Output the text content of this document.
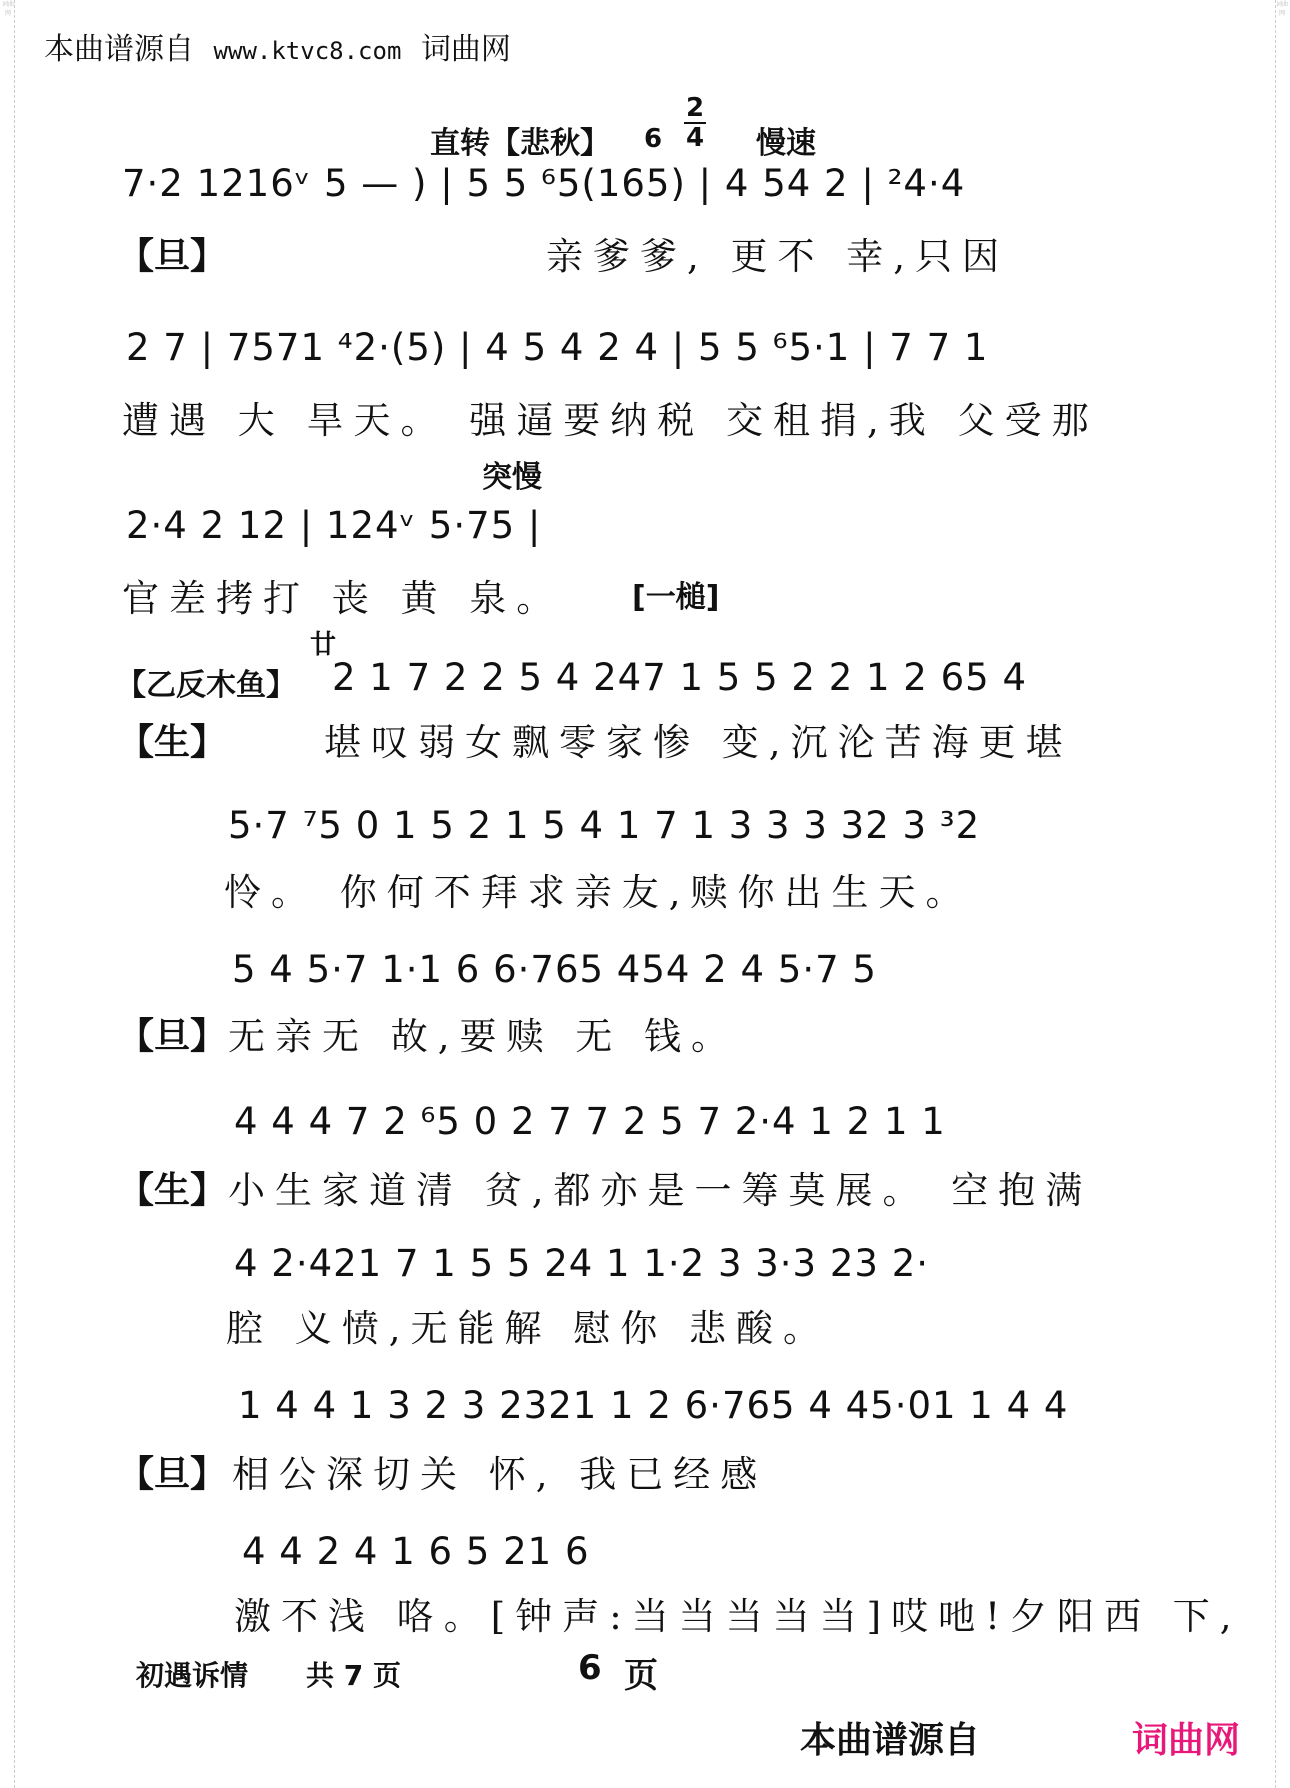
词曲网
词曲网
本曲谱源自 www.ktvc8.com 词曲网
直转【悲秋】 6
2
4 慢速
7·2 1216ᵛ 5 — ) | 5 5 ⁶5(165) | 4 54 2 | ²4·4
【旦】	亲爹爹, 更不 幸,只因
2 7 | 7571 ⁴2·(5) | 4 5 4 2 4 | 5 5 ⁶5·1 | 7 7 1
遭遇 大 旱天。 强逼要纳税 交租捐,我 父受那
突慢
2·4 2 12 | 124ᵛ 5·75 |
官差拷打 丧 黄 泉。 [一槌]
廿
【乙反木鱼】 2 1 7 2 2 5 4 247 1 5 5 2 2 1 2 65 4
【生】	堪叹弱女飘零家惨 变,沉沦苦海更堪
5·7 ⁷5 0 1 5 2 1 5 4 1 7 1 3 3 3 32 3 ³2
怜。 你何不拜求亲友,赎你出生天。
5 4 5·7 1·1 6 6·765 454 2 4 5·7 5
【旦】 无亲无 故,要赎 无 钱。
4 4 4 7 2 ⁶5 0 2 7 7 2 5 7 2·4 1 2 1 1
【生】 小生家道清 贫,都亦是一筹莫展。 空抱满
4 2·421 7 1 5 5 24 1 1·2 3 3·3 23 2·
腔 义愤,无能解 慰你 悲酸。
1 4 4 1 3 2 3 2321 1 2 6·765 4 45·01 1 4 4
【旦】 相公深切关 怀, 我已经感
4 4 2 4 1 6 5 21 6
激不浅 咯。[钟声:当当当当当]哎吔!夕阳西 下,
初遇诉情 共 7 页	6 页
本曲谱源自	词曲网
